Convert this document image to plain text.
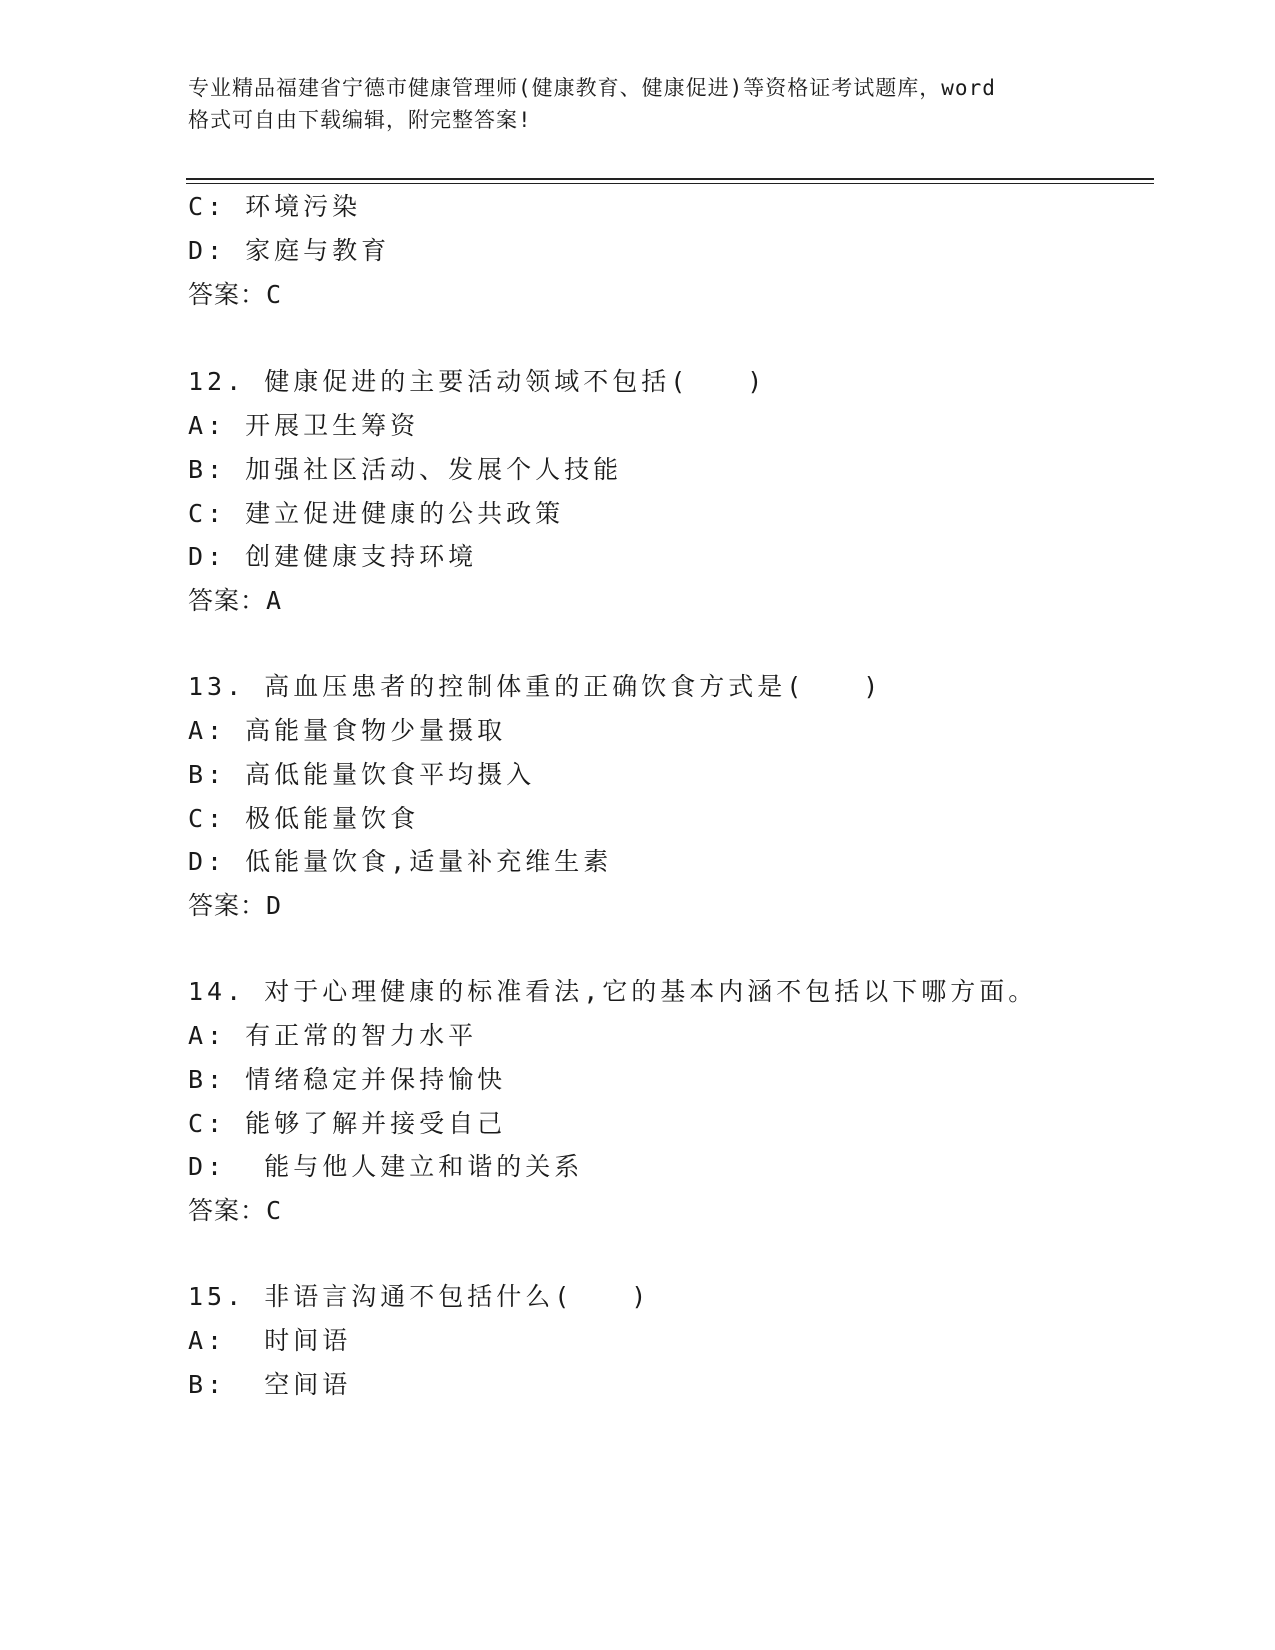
专业精品福建省宁德市健康管理师(健康教育、健康促进)等资格证考试题库，word
格式可自由下载编辑，附完整答案!
C: 环境污染
D: 家庭与教育
答案：C
12. 健康促进的主要活动领域不包括(　　)
A: 开展卫生筹资
B: 加强社区活动、发展个人技能
C: 建立促进健康的公共政策
D: 创建健康支持环境
答案：A
13. 高血压患者的控制体重的正确饮食方式是(　　)
A: 高能量食物少量摄取
B: 高低能量饮食平均摄入
C: 极低能量饮食
D: 低能量饮食,适量补充维生素
答案：D
14. 对于心理健康的标准看法,它的基本内涵不包括以下哪方面。
A: 有正常的智力水平
B: 情绪稳定并保持愉快
C: 能够了解并接受自己
D:  能与他人建立和谐的关系
答案：C
15. 非语言沟通不包括什么(　　)
A:  时间语
B:  空间语
